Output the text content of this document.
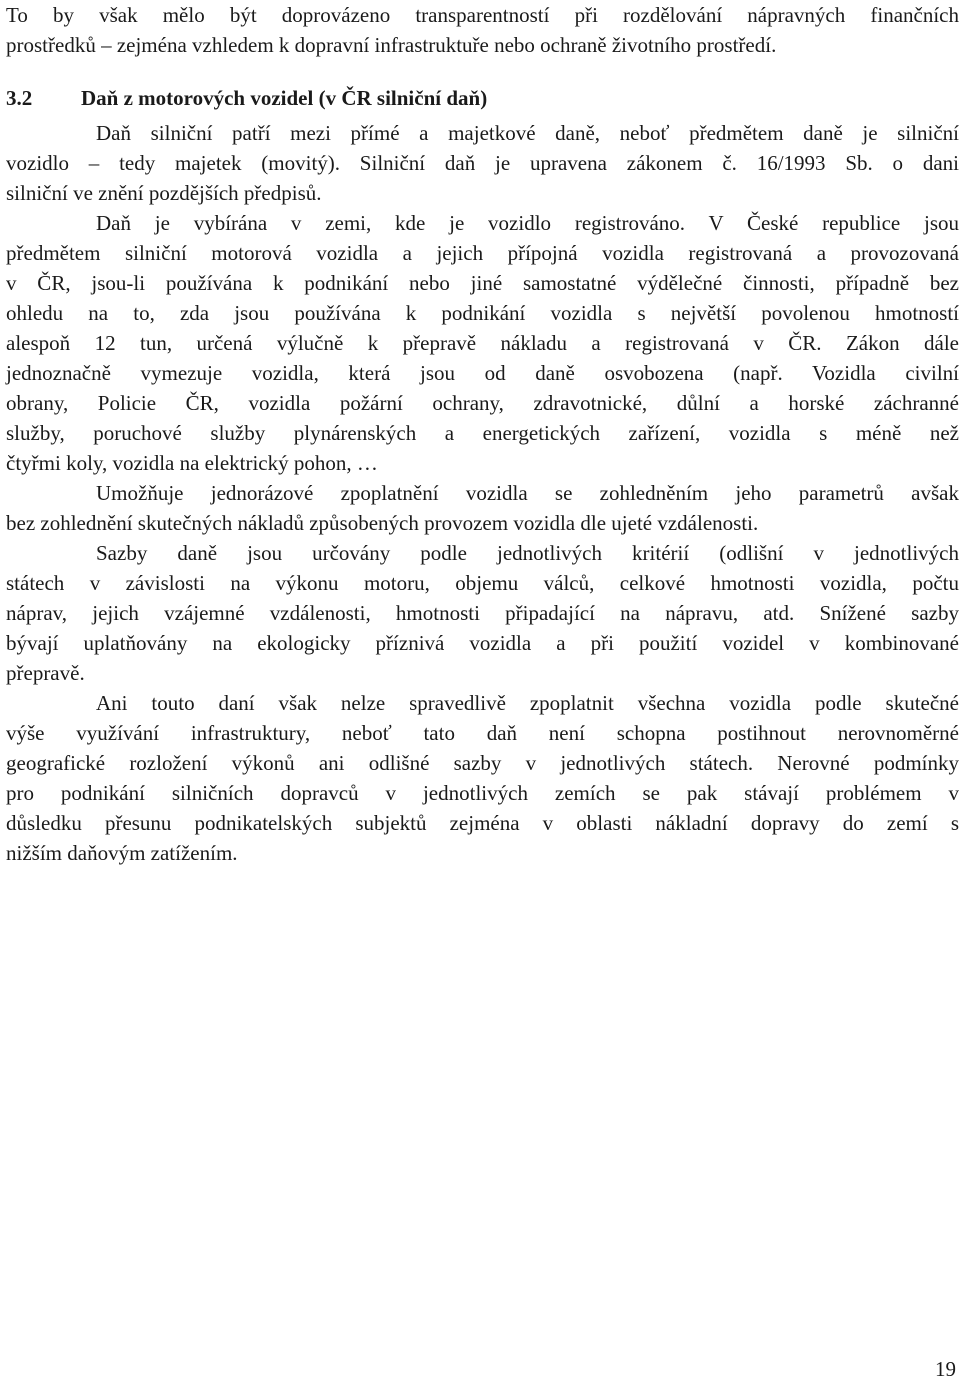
To by však mělo být doprovázeno transparentností při rozdělování nápravných finančních
prostředků – zejména vzhledem k dopravní infrastruktuře nebo ochraně životního prostředí.
3.2 Daň z motorových vozidel (v ČR silniční daň)
Daň silniční patří mezi přímé a majetkové daně, neboť předmětem daně je silniční
vozidlo – tedy majetek (movitý). Silniční daň je upravena zákonem č. 16/1993 Sb. o dani
silniční ve znění pozdějších předpisů.
Daň je vybírána v zemi, kde je vozidlo registrováno. V České republice jsou
předmětem silniční motorová vozidla a jejich přípojná vozidla registrovaná a provozovaná
v ČR, jsou-li používána k podnikání nebo jiné samostatné výdělečné činnosti, případně bez
ohledu na to, zda jsou používána k podnikání vozidla s největší povolenou hmotností
alespoň 12 tun, určená výlučně k přepravě nákladu a registrovaná v ČR. Zákon dále
jednoznačně vymezuje vozidla, která jsou od daně osvobozena (např. Vozidla civilní
obrany, Policie ČR, vozidla požární ochrany, zdravotnické, důlní a horské záchranné
služby, poruchové služby plynárenských a energetických zařízení, vozidla s méně než
čtyřmi koly, vozidla na elektrický pohon, …
Umožňuje jednorázové zpoplatnění vozidla se zohledněním jeho parametrů avšak
bez zohlednění skutečných nákladů způsobených provozem vozidla dle ujeté vzdálenosti.
Sazby daně jsou určovány podle jednotlivých kritérií (odlišní v jednotlivých
státech v závislosti na výkonu motoru, objemu válců, celkové hmotnosti vozidla, počtu
náprav, jejich vzájemné vzdálenosti, hmotnosti připadající na nápravu, atd. Snížené sazby
bývají uplatňovány na ekologicky příznivá vozidla a při použití vozidel v kombinované
přepravě.
Ani touto daní však nelze spravedlivě zpoplatnit všechna vozidla podle skutečné
výše využívání infrastruktury, neboť tato daň není schopna postihnout nerovnoměrné
geografické rozložení výkonů ani odlišné sazby v jednotlivých státech. Nerovné podmínky
pro podnikání silničních dopravců v jednotlivých zemích se pak stávají problémem v
důsledku přesunu podnikatelských subjektů zejména v oblasti nákladní dopravy do zemí s
nižším daňovým zatížením.
19
